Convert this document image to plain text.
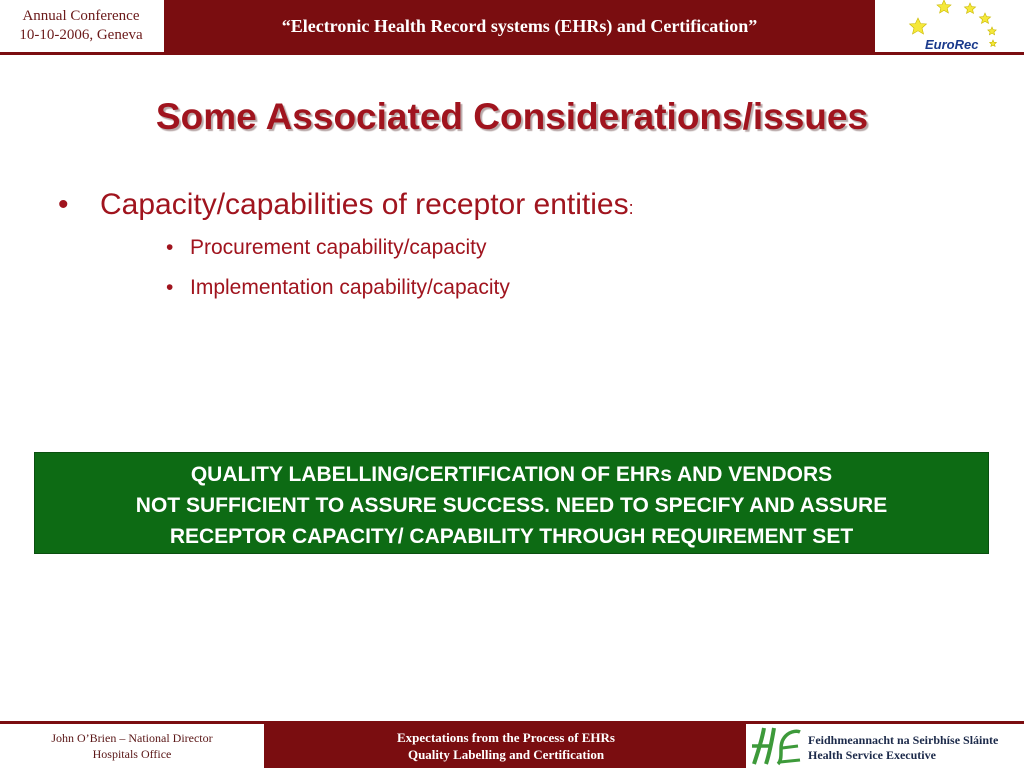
Annual Conference
10-10-2006, Geneva	“Electronic Health Record systems (EHRs) and Certification”
EuroRec
Some Associated Considerations/issues
• Capacity/capabilities of receptor entities:
• Procurement capability/capacity
• Implementation capability/capacity
QUALITY LABELLING/CERTIFICATION OF EHRs AND VENDORS
NOT SUFFICIENT TO ASSURE SUCCESS. NEED TO SPECIFY AND ASSURE
RECEPTOR CAPACITY/ CAPABILITY THROUGH REQUIREMENT SET
John O’Brien – National Director
Hospitals Office
Expectations from the Process of EHRs
Quality Labelling and Certification
Feidhmeannacht na Seirbhíse Sláinte
Health Service Executive
